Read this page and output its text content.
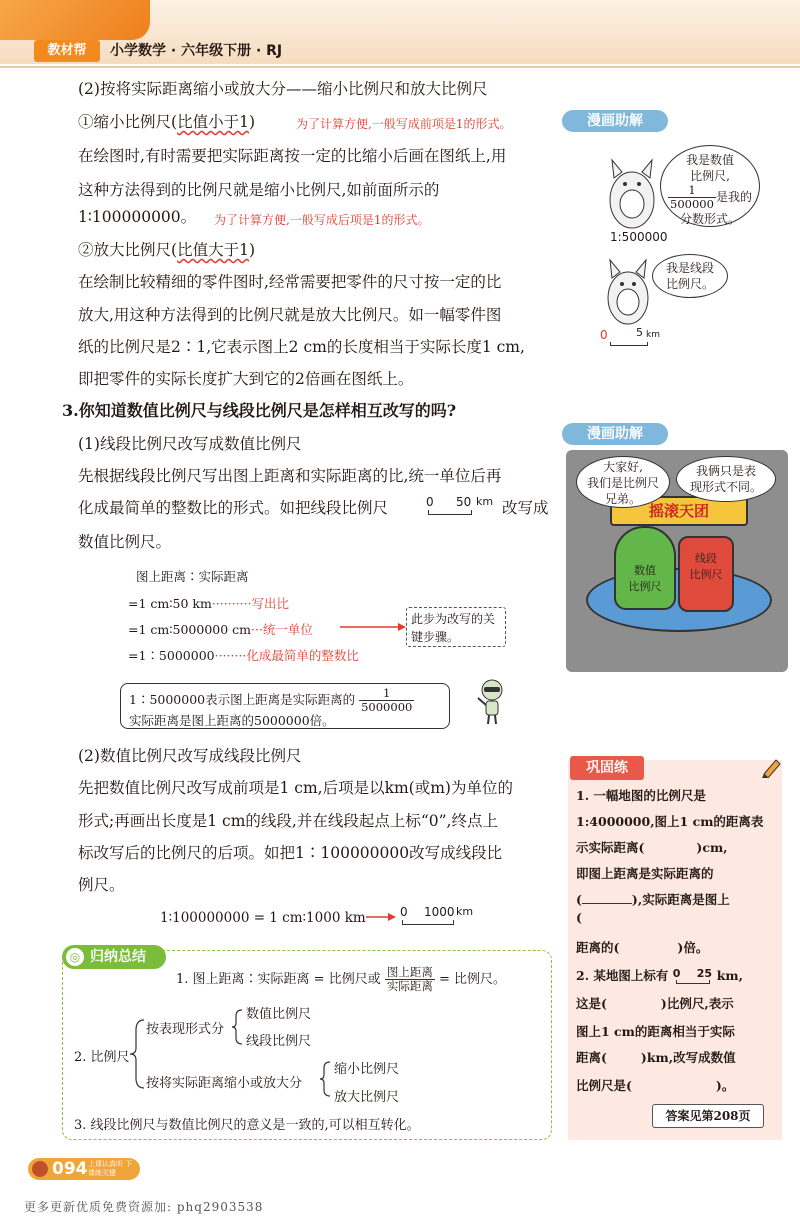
教材帮	小学数学 · 六年级下册 · RJ
(2)按将实际距离缩小或放大分——缩小比例尺和放大比例尺
①缩小比例尺(比值小于1)	为了计算方便,一般写成前项是1的形式。
在绘图时,有时需要把实际距离按一定的比缩小后画在图纸上,用
这种方法得到的比例尺就是缩小比例尺,如前面所示的
1∶100000000。 为了计算方便,一般写成后项是1的形式。
②放大比例尺(比值大于1)
在绘制比较精细的零件图时,经常需要把零件的尺寸按一定的比
放大,用这种方法得到的比例尺就是放大比例尺。如一幅零件图
纸的比例尺是2∶1,它表示图上2 cm的长度相当于实际长度1 cm,
即把零件的实际长度扩大到它的2倍画在图纸上。
3.你知道数值比例尺与线段比例尺是怎样相互改写的吗?
(1)线段比例尺改写成数值比例尺
先根据线段比例尺写出图上距离和实际距离的比,统一单位后再
化成最简单的整数比的形式。如把线段比例尺	0 50 km 改写成
数值比例尺。
图上距离∶实际距离
=1 cm∶50 km··········写出比
=1 cm∶5000000 cm···统一单位
此步为改写的关键步骤。
=1∶5000000········化成最简单的整数比
1∶5000000表示图上距离是实际距离的 $\frac{1}{5000000}$
实际距离是图上距离的5000000倍。
(2)数值比例尺改写成线段比例尺
先把数值比例尺改写成前项是1 cm,后项是以km(或m)为单位的
形式;再画出长度是1 cm的线段,并在线段起点上标“0”,终点上
标改写后的比例尺的后项。如把1∶100000000改写成线段比
例尺。
1∶100000000 = 1 cm∶1000 km	0 1000 km
◎ 归纳总结
1. 图上距离∶实际距离 = 比例尺或 $\frac{\text{图上距离}}{\text{实际距离}}$ = 比例尺。
2. 比例尺
按表现形式分
数值比例尺
线段比例尺
按将实际距离缩小或放大分
缩小比例尺
放大比例尺
3. 线段比例尺与数值比例尺的意义是一致的,可以相互转化。
漫画助解
我是数值
比例尺,
$\frac{1}{500000}$ 是我的
分数形式。
1:500000
我是线段
比例尺。
0	5 km
漫画助解
摇滚天团
数值
比例尺
线段
比例尺
大家好,
我们是比例尺
兄弟。
我俩只是表
现形式不同。
巩固练
1. 一幅地图的比例尺是
1:4000000,图上1 cm的距离表
示实际距离(	)cm,
即图上距离是实际距离的
(	),实际距离是图上
(
距离的(	)倍。
2. 某地图上标有 0 25 km,
这是(	)比例尺,表示
图上1 cm的距离相当于实际
距离(	)km,改写成数值
比例尺是(	)。
答案见第208页
094 上课认真听 下课练关键
更多更新优质免费资源加: phq2903538
